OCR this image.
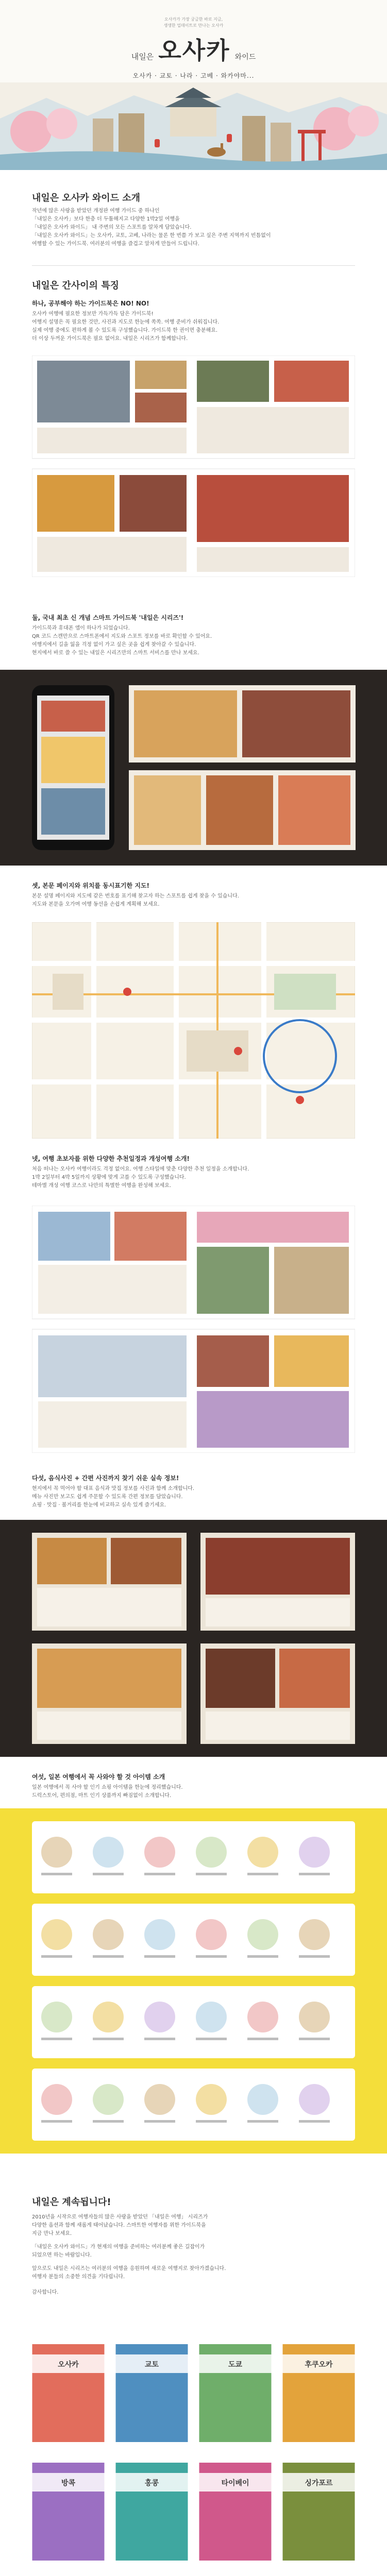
오사카가 가장 궁금한 바로 지금,
생생한 업데이트로 만나는 오사카
내일은 오사카 와이드
오사카 · 교토 · 나라 · 고베 · 와카야마...
내일은 오사카 와이드 소개
작년에 많은 사랑을 받았던 개정판 여행 가이드 중 하나인
「내일은 오사카」보다 한층 더 두툼해지고 다양한 1박2일 여행을
「내일은 오사카 와이드」 내 주변의 모든 스포트를 알차게 담았습니다.
「내일은 오사카 와이드」는 오사카, 교토, 고베, 나라는 물론 한 번쯤 가 보고 싶은 주변 지역까지 빈틈없이
여행할 수 있는 가이드북. 여러분의 여행을 즐겁고 알차게 만들어 드립니다.
내일은 간사이의 특징
하나, 공부해야 하는 가이드북은 NO! NO!
오사카 여행에 필요한 정보만 가득가득 담은 가이드북!
여행지 설명은 꼭 필요한 것만, 사진과 지도로 한눈에 쏙쏙. 여행 준비가 쉬워집니다.
실제 여행 중에도 편하게 볼 수 있도록 구성했습니다. 가이드북 한 권이면 충분해요.
더 이상 두꺼운 가이드북은 필요 없어요. 내일은 시리즈가 함께합니다.
둘, 국내 최초 신 개념 스마트 가이드북 '내일은 시리즈'!
가이드북과 휴대폰 앱이 하나가 되었습니다.
QR 코드 스캔만으로 스마트폰에서 지도와 스포트 정보를 바로 확인할 수 있어요.
여행지에서 길을 잃을 걱정 없이 가고 싶은 곳을 쉽게 찾아갈 수 있습니다.
현지에서 바로 쓸 수 있는 내일은 시리즈만의 스마트 서비스를 만나 보세요.
셋, 본문 페이지와 위치를 동시표기한 지도!
본문 설명 페이지와 지도에 같은 번호를 표기해 찾고자 하는 스포트를 쉽게 찾을 수 있습니다.
지도와 본문을 오가며 여행 동선을 손쉽게 계획해 보세요.
넷, 여행 초보자를 위한 다양한 추천일정과 개성여행 소개!
처음 떠나는 오사카 여행이라도 걱정 없어요. 여행 스타일에 맞춘 다양한 추천 일정을 소개합니다.
1박 2일부터 4박 5일까지 상황에 맞게 고를 수 있도록 구성했습니다.
테마별 개성 여행 코스로 나만의 특별한 여행을 완성해 보세요.
다섯, 음식사진 + 간편 사진까지 찾기 쉬운 실속 정보!
현지에서 꼭 먹어야 할 대표 음식과 맛집 정보를 사진과 함께 소개합니다.
메뉴 사진만 보고도 쉽게 주문할 수 있도록 간편 정보를 담았습니다.
쇼핑 · 맛집 · 볼거리를 한눈에 비교하고 실속 있게 즐기세요.
여섯, 일본 여행에서 꼭 사와야 할 것 아이템 소개
일본 여행에서 꼭 사야 할 인기 쇼핑 아이템을 한눈에 정리했습니다.
드럭스토어, 편의점, 마트 인기 상품까지 빠짐없이 소개합니다.
내일은 계속됩니다!
2010년을 시작으로 여행자들의 많은 사랑을 받았던 「내일은 여행」 시리즈가
다양한 옵션과 함께 새롭게 태어났습니다. 스마트한 여행자를 위한 가이드북을
지금 만나 보세요.
「내일은 오사카 와이드」가 현재의 여행을 준비하는 여러분께 좋은 길잡이가
되었으면 하는 바람입니다.
앞으로도 내일은 시리즈는 여러분의 여행을 응원하며 새로운 여행지로 찾아가겠습니다.
여행자 분들의 소중한 의견을 기다립니다.
감사합니다.
오사카	교토	도쿄	후쿠오카
방콕	홍콩	타이베이	싱가포르
